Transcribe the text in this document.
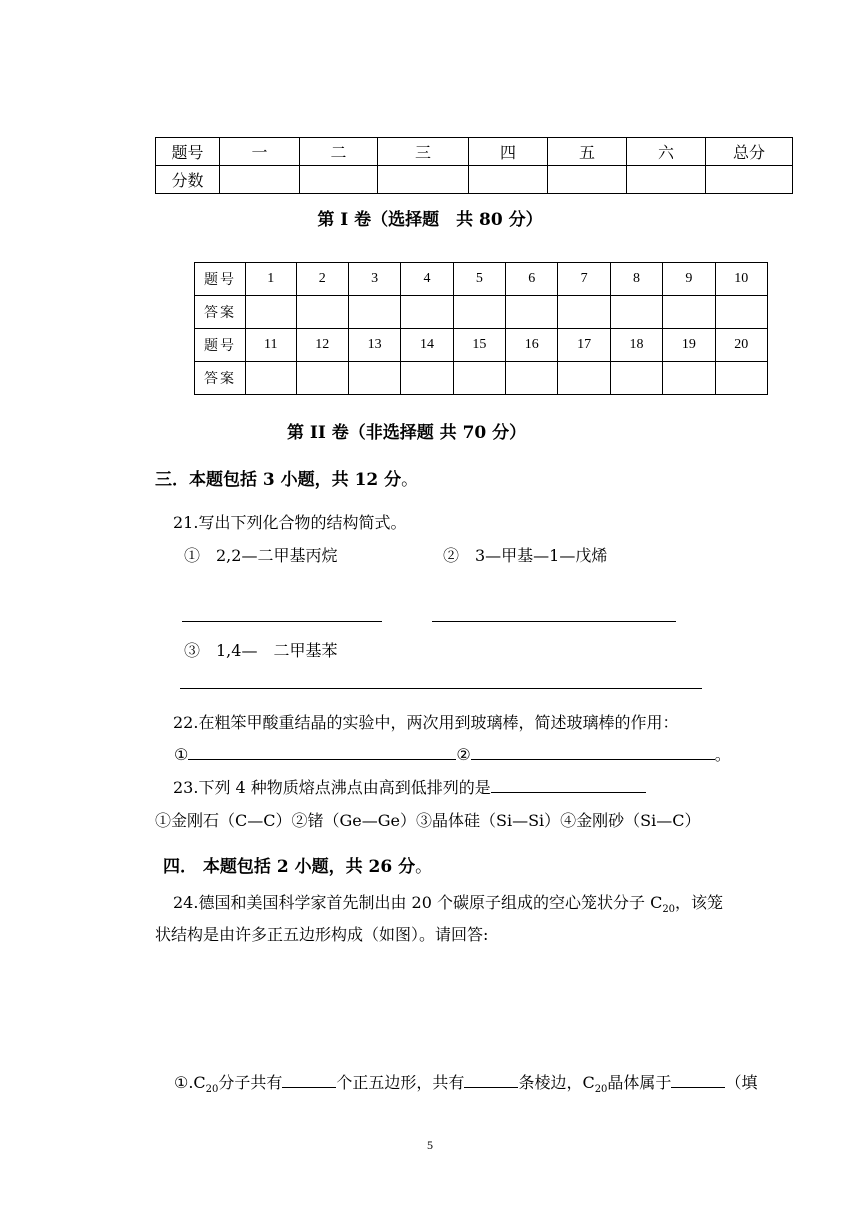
题号	一	二	三	四	五	六	总分
分数							
第 I 卷（选择题　共 80 分）
题号	1	2	3	4	5	6	7	8	9	10
答案										
题号	11	12	13	14	15	16	17	18	19	20
答案										
第 II 卷（非选择题 共 70 分）
三．本题包括 3 小题，共 12 分。
21.写出下列化合物的结构简式。
①　2,2—二甲基丙烷	②　3—甲基—1—戊烯
③　1,4—　二甲基苯
22.在粗笨甲酸重结晶的实验中，两次用到玻璃棒，简述玻璃棒的作用：
①	②	。
23.下列 4 种物质熔点沸点由高到低排列的是
①金刚石（C—C）②锗（Ge—Ge）③晶体硅（Si—Si）④金刚砂（Si—C）
四． 本题包括 2 小题，共 26 分。
24.德国和美国科学家首先制出由 20 个碳原子组成的空心笼状分子 $C_{20}$，该笼
状结构是由许多正五边形构成（如图）。请回答:
$①.C_{20}$分子共有	个正五边形，共有	条棱边，$C_{20}$晶体属于	（填
5
